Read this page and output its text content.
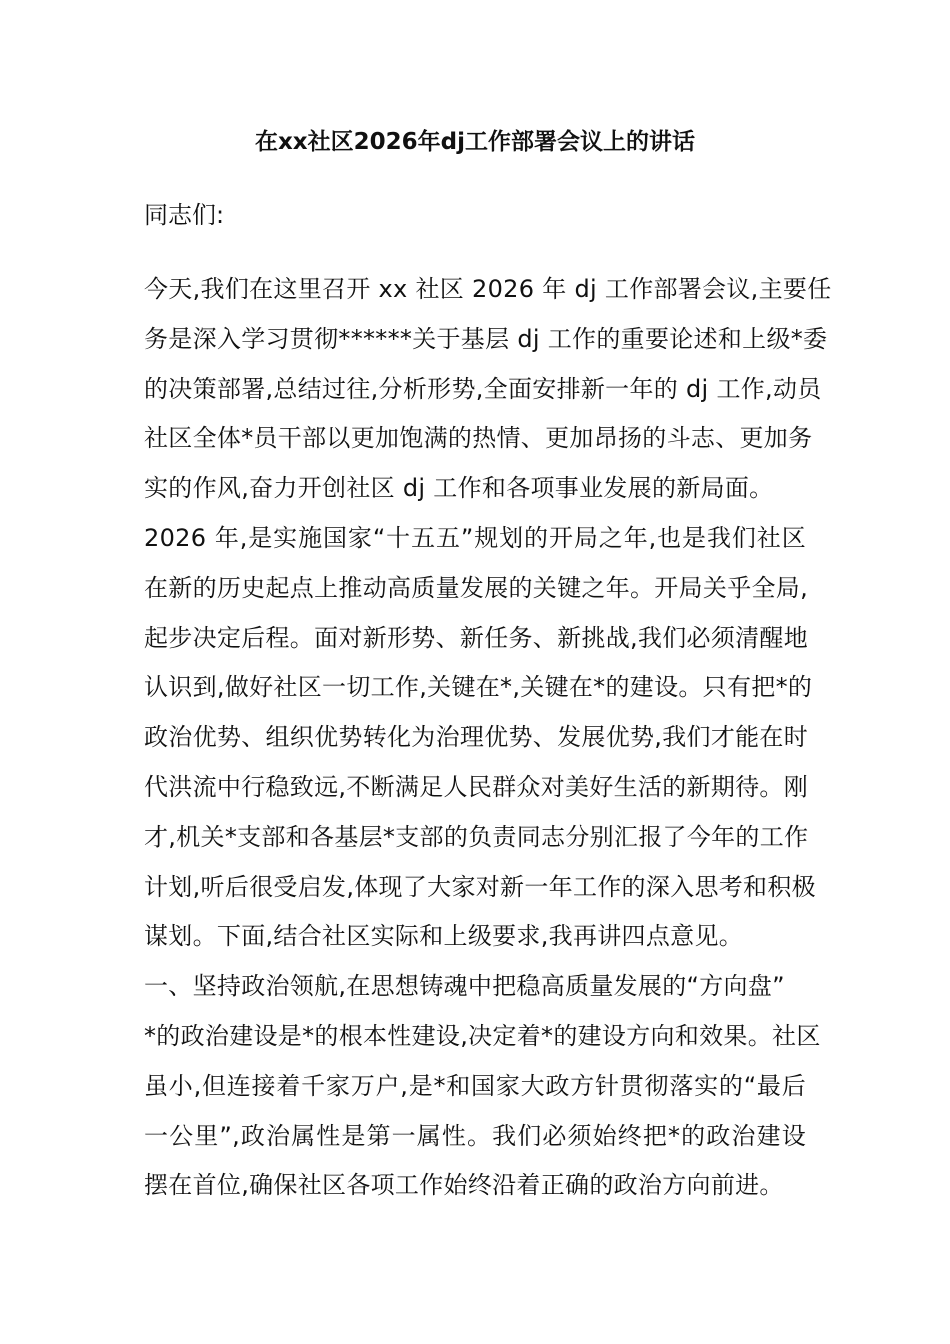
在xx社区2026年dj工作部署会议上的讲话
同志们:
今天,我们在这里召开 xx 社区 2026 年 dj 工作部署会议,主要任
务是深入学习贯彻******关于基层 dj 工作的重要论述和上级*委
的决策部署,总结过往,分析形势,全面安排新一年的 dj 工作,动员
社区全体*员干部以更加饱满的热情、更加昂扬的斗志、更加务
实的作风,奋力开创社区 dj 工作和各项事业发展的新局面。
2026 年,是实施国家“十五五”规划的开局之年,也是我们社区
在新的历史起点上推动高质量发展的关键之年。开局关乎全局,
起步决定后程。面对新形势、新任务、新挑战,我们必须清醒地
认识到,做好社区一切工作,关键在*,关键在*的建设。只有把*的
政治优势、组织优势转化为治理优势、发展优势,我们才能在时
代洪流中行稳致远,不断满足人民群众对美好生活的新期待。刚
才,机关*支部和各基层*支部的负责同志分别汇报了今年的工作
计划,听后很受启发,体现了大家对新一年工作的深入思考和积极
谋划。下面,结合社区实际和上级要求,我再讲四点意见。
一、坚持政治领航,在思想铸魂中把稳高质量发展的“方向盘”
*的政治建设是*的根本性建设,决定着*的建设方向和效果。社区
虽小,但连接着千家万户,是*和国家大政方针贯彻落实的“最后
一公里”,政治属性是第一属性。我们必须始终把*的政治建设
摆在首位,确保社区各项工作始终沿着正确的政治方向前进。
